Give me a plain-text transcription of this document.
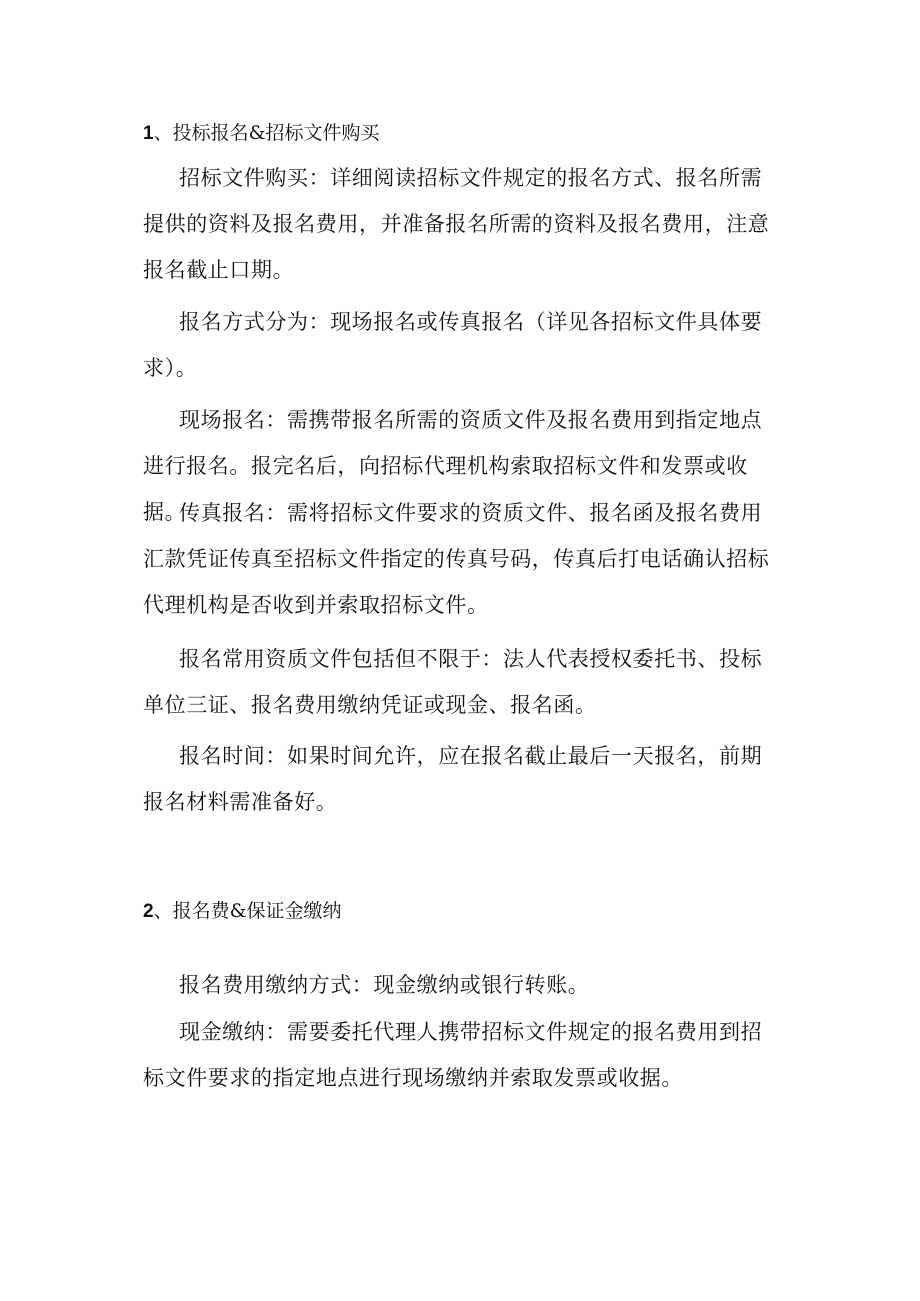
1、投标报名&招标文件购买

招标文件购买：详细阅读招标文件规定的报名方式、报名所需提供的资料及报名费用，并准备报名所需的资料及报名费用，注意报名截止口期。

报名方式分为：现场报名或传真报名（详见各招标文件具体要求）。

现场报名：需携带报名所需的资质文件及报名费用到指定地点进行报名。报完名后，向招标代理机构索取招标文件和发票或收据。

传真报名：需将招标文件要求的资质文件、报名函及报名费用汇款凭证传真至招标文件指定的传真号码，传真后打电话确认招标代理机构是否收到并索取招标文件。

报名常用资质文件包括但不限于：法人代表授权委托书、投标单位三证、报名费用缴纳凭证或现金、报名函。

报名时间：如果时间允许，应在报名截止最后一天报名，前期报名材料需准备好。

2、报名费&保证金缴纳

报名费用缴纳方式：现金缴纳或银行转账。

现金缴纳：需要委托代理人携带招标文件规定的报名费用到招标文件要求的指定地点进行现场缴纳并索取发票或收据。
